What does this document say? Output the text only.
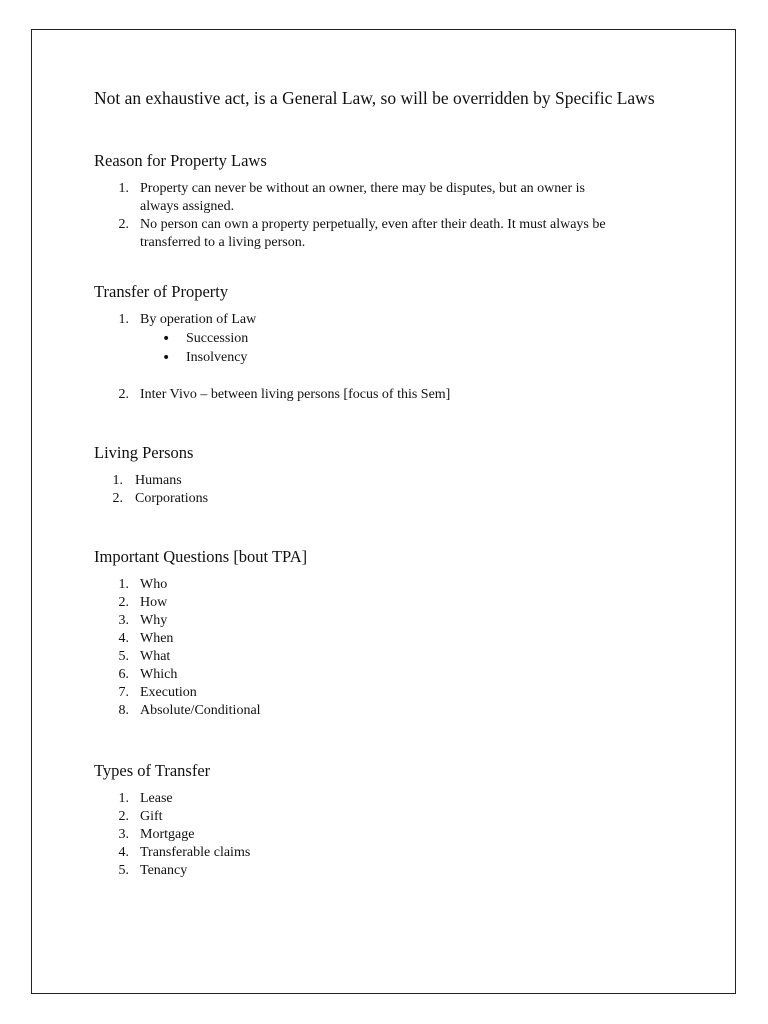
Not an exhaustive act, is a General Law, so will be overridden by Specific Laws
Reason for Property Laws
1. Property can never be without an owner, there may be disputes, but an owner is
always assigned.
2. No person can own a property perpetually, even after their death. It must always be
transferred to a living person.
Transfer of Property
1. By operation of Law
• Succession
• Insolvency
2. Inter Vivo – between living persons [focus of this Sem]
Living Persons
1. Humans
2. Corporations
Important Questions [bout TPA]
1. Who
2. How
3. Why
4. When
5. What
6. Which
7. Execution
8. Absolute/Conditional
Types of Transfer
1. Lease
2. Gift
3. Mortgage
4. Transferable claims
5. Tenancy
